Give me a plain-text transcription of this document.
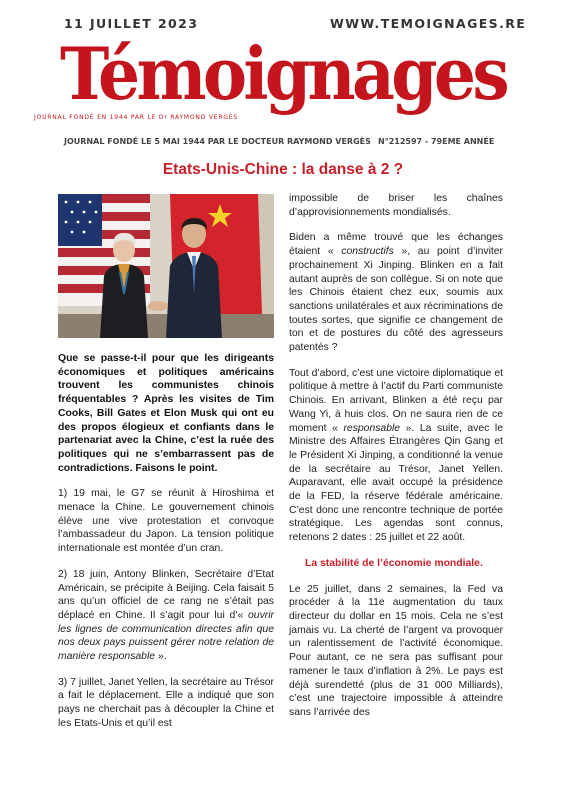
11 JUILLET 2023	WWW.TEMOIGNAGES.RE
Témoignages
JOURNAL FONDÉ EN 1944 PAR LE Dr RAYMOND VERGÈS
JOURNAL FONDÉ LE 5 MAI 1944 PAR LE DOCTEUR RAYMOND VERGÈS N°212597 - 79EME ANNÉE
Etats-Unis-Chine : la danse à 2 ?

Que se passe-t-il pour que les dirigeants économiques et politiques américains trouvent les communistes chinois fréquentables ? Après les visites de Tim Cooks, Bill Gates et Elon Musk qui ont eu des propos élogieux et confiants dans le partenariat avec la Chine, c’est la ruée des politiques qui ne s’embarrassent pas de contradictions. Faisons le point.

1) 19 mai, le G7 se réunit à Hiroshima et menace la Chine. Le gouvernement chinois élève une vive protestation et convoque l’ambassadeur du Japon. La tension politique internationale est montée d’un cran.

2) 18 juin, Antony Blinken, Secrétaire d’Etat Américain, se précipite à Beijing. Cela faisait 5 ans qu’un officiel de ce rang ne s’était pas déplacé en Chine. Il s’agit pour lui d’« ouvrir les lignes de communication directes afin que nos deux pays puissent gérer notre relation de manière responsable ».

3) 7 juillet, Janet Yellen, la secrétaire au Trésor a fait le déplacement. Elle a indiqué que son pays ne cherchait pas à découpler la Chine et les Etats-Unis et qu’il est

impossible de briser les chaînes d’approvisionnements mondialisés.

Biden a même trouvé que les échanges étaient « constructifs », au point d’inviter prochainement Xi Jinping. Blinken en a fait autant auprès de son collègue. Si on note que les Chinois étaient chez eux, soumis aux sanctions unilatérales et aux récriminations de toutes sortes, que signifie ce changement de ton et de postures du côté des agresseurs patentés ?

Tout d’abord, c’est une victoire diplomatique et politique à mettre à l’actif du Parti communiste Chinois. En arrivant, Blinken a été reçu par Wang Yi, à huis clos. On ne saura rien de ce moment « responsable ». La suite, avec le Ministre des Affaires Étrangères Qin Gang et le Président Xi Jinping, a conditionné la venue de la secrétaire au Trésor, Janet Yellen. Auparavant, elle avait occupé la présidence de la FED, la réserve fédérale américaine. C’est donc une rencontre technique de portée stratégique. Les agendas sont connus, retenons 2 dates : 25 juillet et 22 août.

La stabilité de l’économie mondiale.

Le 25 juillet, dans 2 semaines, la Fed va procéder à la 11e augmentation du taux directeur du dollar en 15 mois. Cela ne s’est jamais vu. La cherté de l’argent va provoquer un ralentissement de l’activité économique. Pour autant, ce ne sera pas suffisant pour ramener le taux d’inflation à 2%. Le pays est déjà surendetté (plus de 31 000 Milliards), c’est une trajectoire impossible à atteindre sans l’arrivée des
